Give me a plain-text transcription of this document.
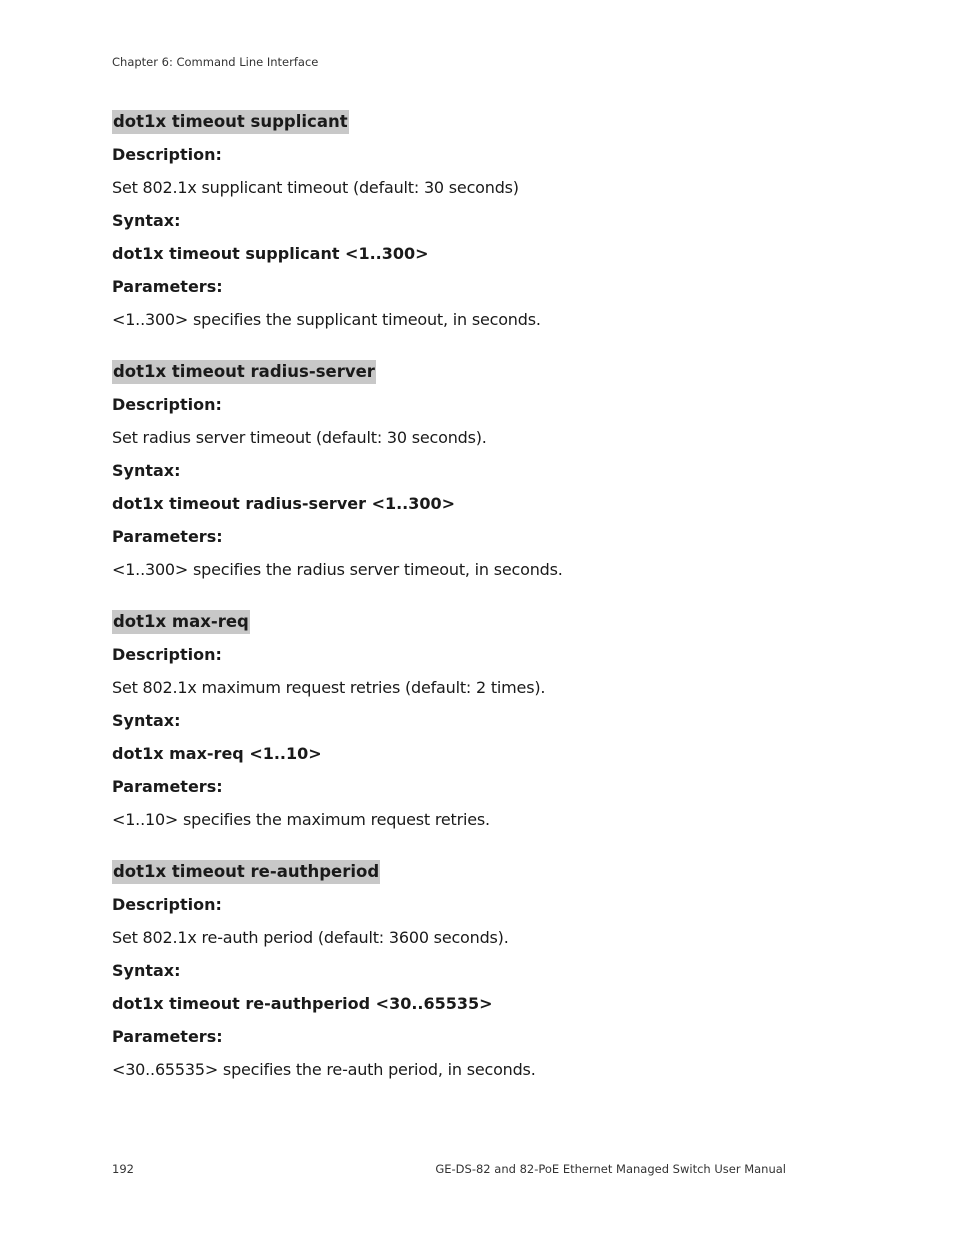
Chapter 6: Command Line Interface
dot1x timeout supplicant
Description:
Set 802.1x supplicant timeout (default: 30 seconds)
Syntax:
dot1x timeout supplicant <1..300>
Parameters:
<1..300> specifies the supplicant timeout, in seconds.
dot1x timeout radius-server
Description:
Set radius server timeout (default: 30 seconds).
Syntax:
dot1x timeout radius-server <1..300>
Parameters:
<1..300> specifies the radius server timeout, in seconds.
dot1x max-req
Description:
Set 802.1x maximum request retries (default: 2 times).
Syntax:
dot1x max-req <1..10>
Parameters:
<1..10> specifies the maximum request retries.
dot1x timeout re-authperiod
Description:
Set 802.1x re-auth period (default: 3600 seconds).
Syntax:
dot1x timeout re-authperiod <30..65535>
Parameters:
<30..65535> specifies the re-auth period, in seconds.
192	GE-DS-82 and 82-PoE Ethernet Managed Switch User Manual
